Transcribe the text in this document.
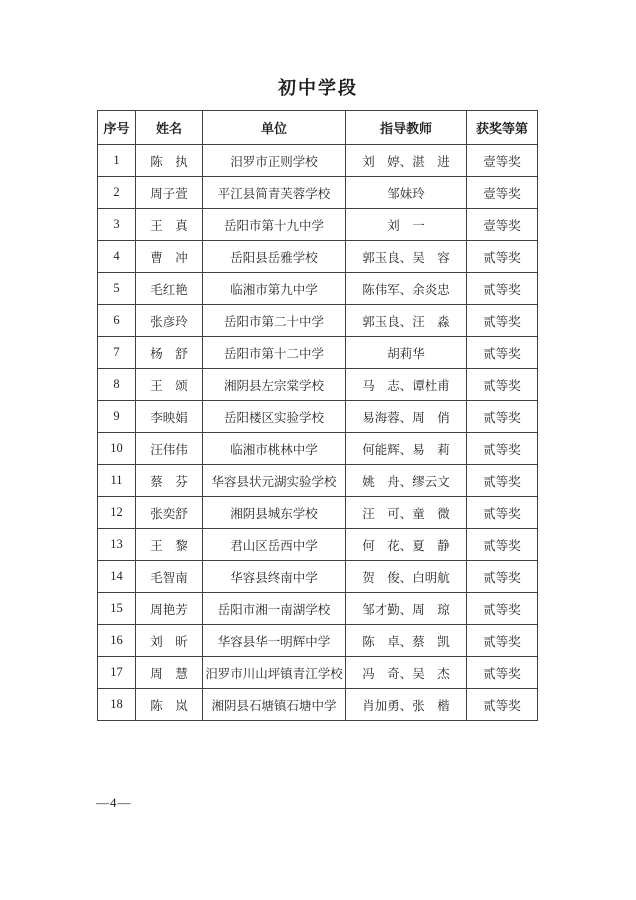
初中学段
序号	姓名	单位	指导教师	获奖等第
1	陈　执	汨罗市正则学校	刘　婷、湛　进	壹等奖
2	周子萱	平江县简青芙蓉学校	邹妹玲	壹等奖
3	王　真	岳阳市第十九中学	刘　一	壹等奖
4	曹　冲	岳阳县岳雅学校	郭玉良、吴　容	贰等奖
5	毛红艳	临湘市第九中学	陈伟军、余炎忠	贰等奖
6	张彦玲	岳阳市第二十中学	郭玉良、汪　淼	贰等奖
7	杨　舒	岳阳市第十二中学	胡莉华	贰等奖
8	王　颂	湘阴县左宗棠学校	马　志、谭杜甫	贰等奖
9	李映娟	岳阳楼区实验学校	易海蓉、周　俏	贰等奖
10	汪伟伟	临湘市桃林中学	何能辉、易　莉	贰等奖
11	蔡　芬	华容县状元湖实验学校	姚　舟、缪云文	贰等奖
12	张奕舒	湘阴县城东学校	汪　可、童　微	贰等奖
13	王　黎	君山区岳西中学	何　花、夏　静	贰等奖
14	毛智南	华容县终南中学	贺　俊、白明航	贰等奖
15	周艳芳	岳阳市湘一南湖学校	邹才勤、周　琼	贰等奖
16	刘　昕	华容县华一明辉中学	陈　卓、蔡　凯	贰等奖
17	周　慧	汨罗市川山坪镇青江学校	冯　奇、吴　杰	贰等奖
18	陈　岚	湘阴县石塘镇石塘中学	肖加勇、张　楷	贰等奖
—4—
